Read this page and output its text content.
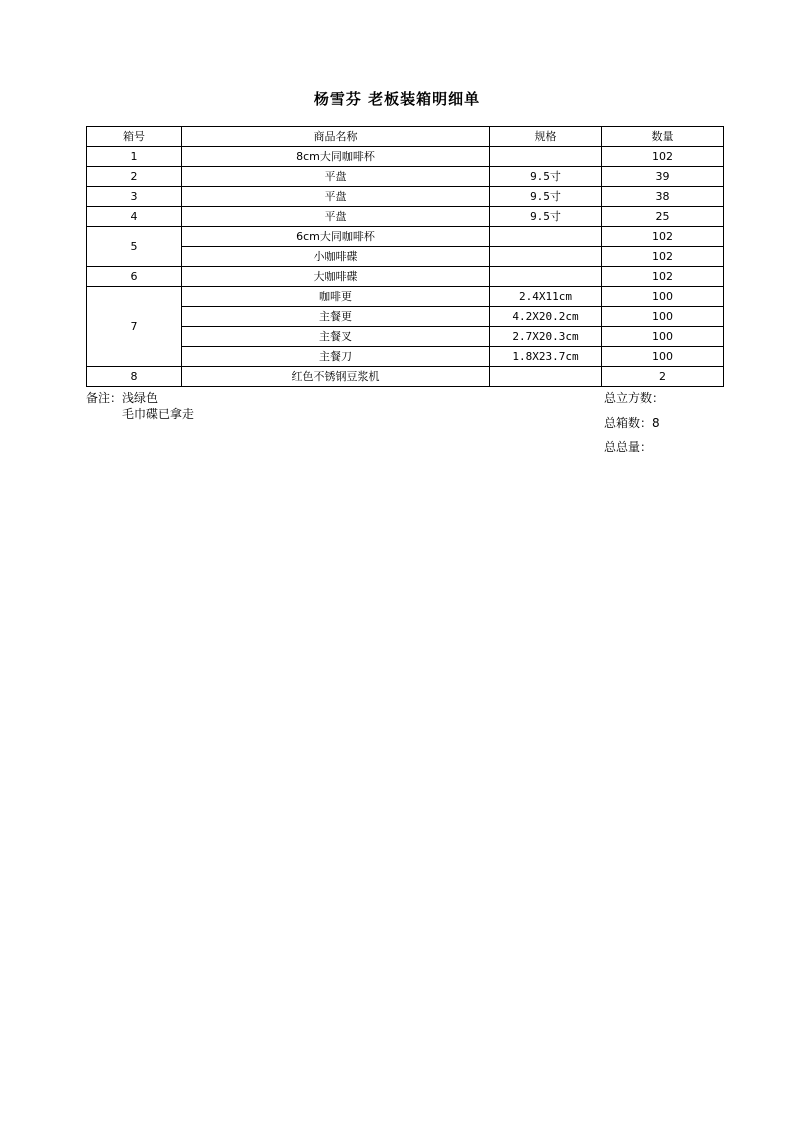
杨雪芬 老板装箱明细单
箱号	商品名称	规格	数量
1	8cm大同咖啡杯		102
2	平盘	9.5寸	39
3	平盘	9.5寸	38
4	平盘	9.5寸	25
5	6cm大同咖啡杯		102
	小咖啡碟		102
6	大咖啡碟		102
7	咖啡更	2.4X11cm	100
	主餐更	4.2X20.2cm	100
	主餐叉	2.7X20.3cm	100
	主餐刀	1.8X23.7cm	100
8	红色不锈钢豆浆机		2
备注：浅绿色
毛巾碟已拿走
总立方数：
总箱数：8
总总量：
